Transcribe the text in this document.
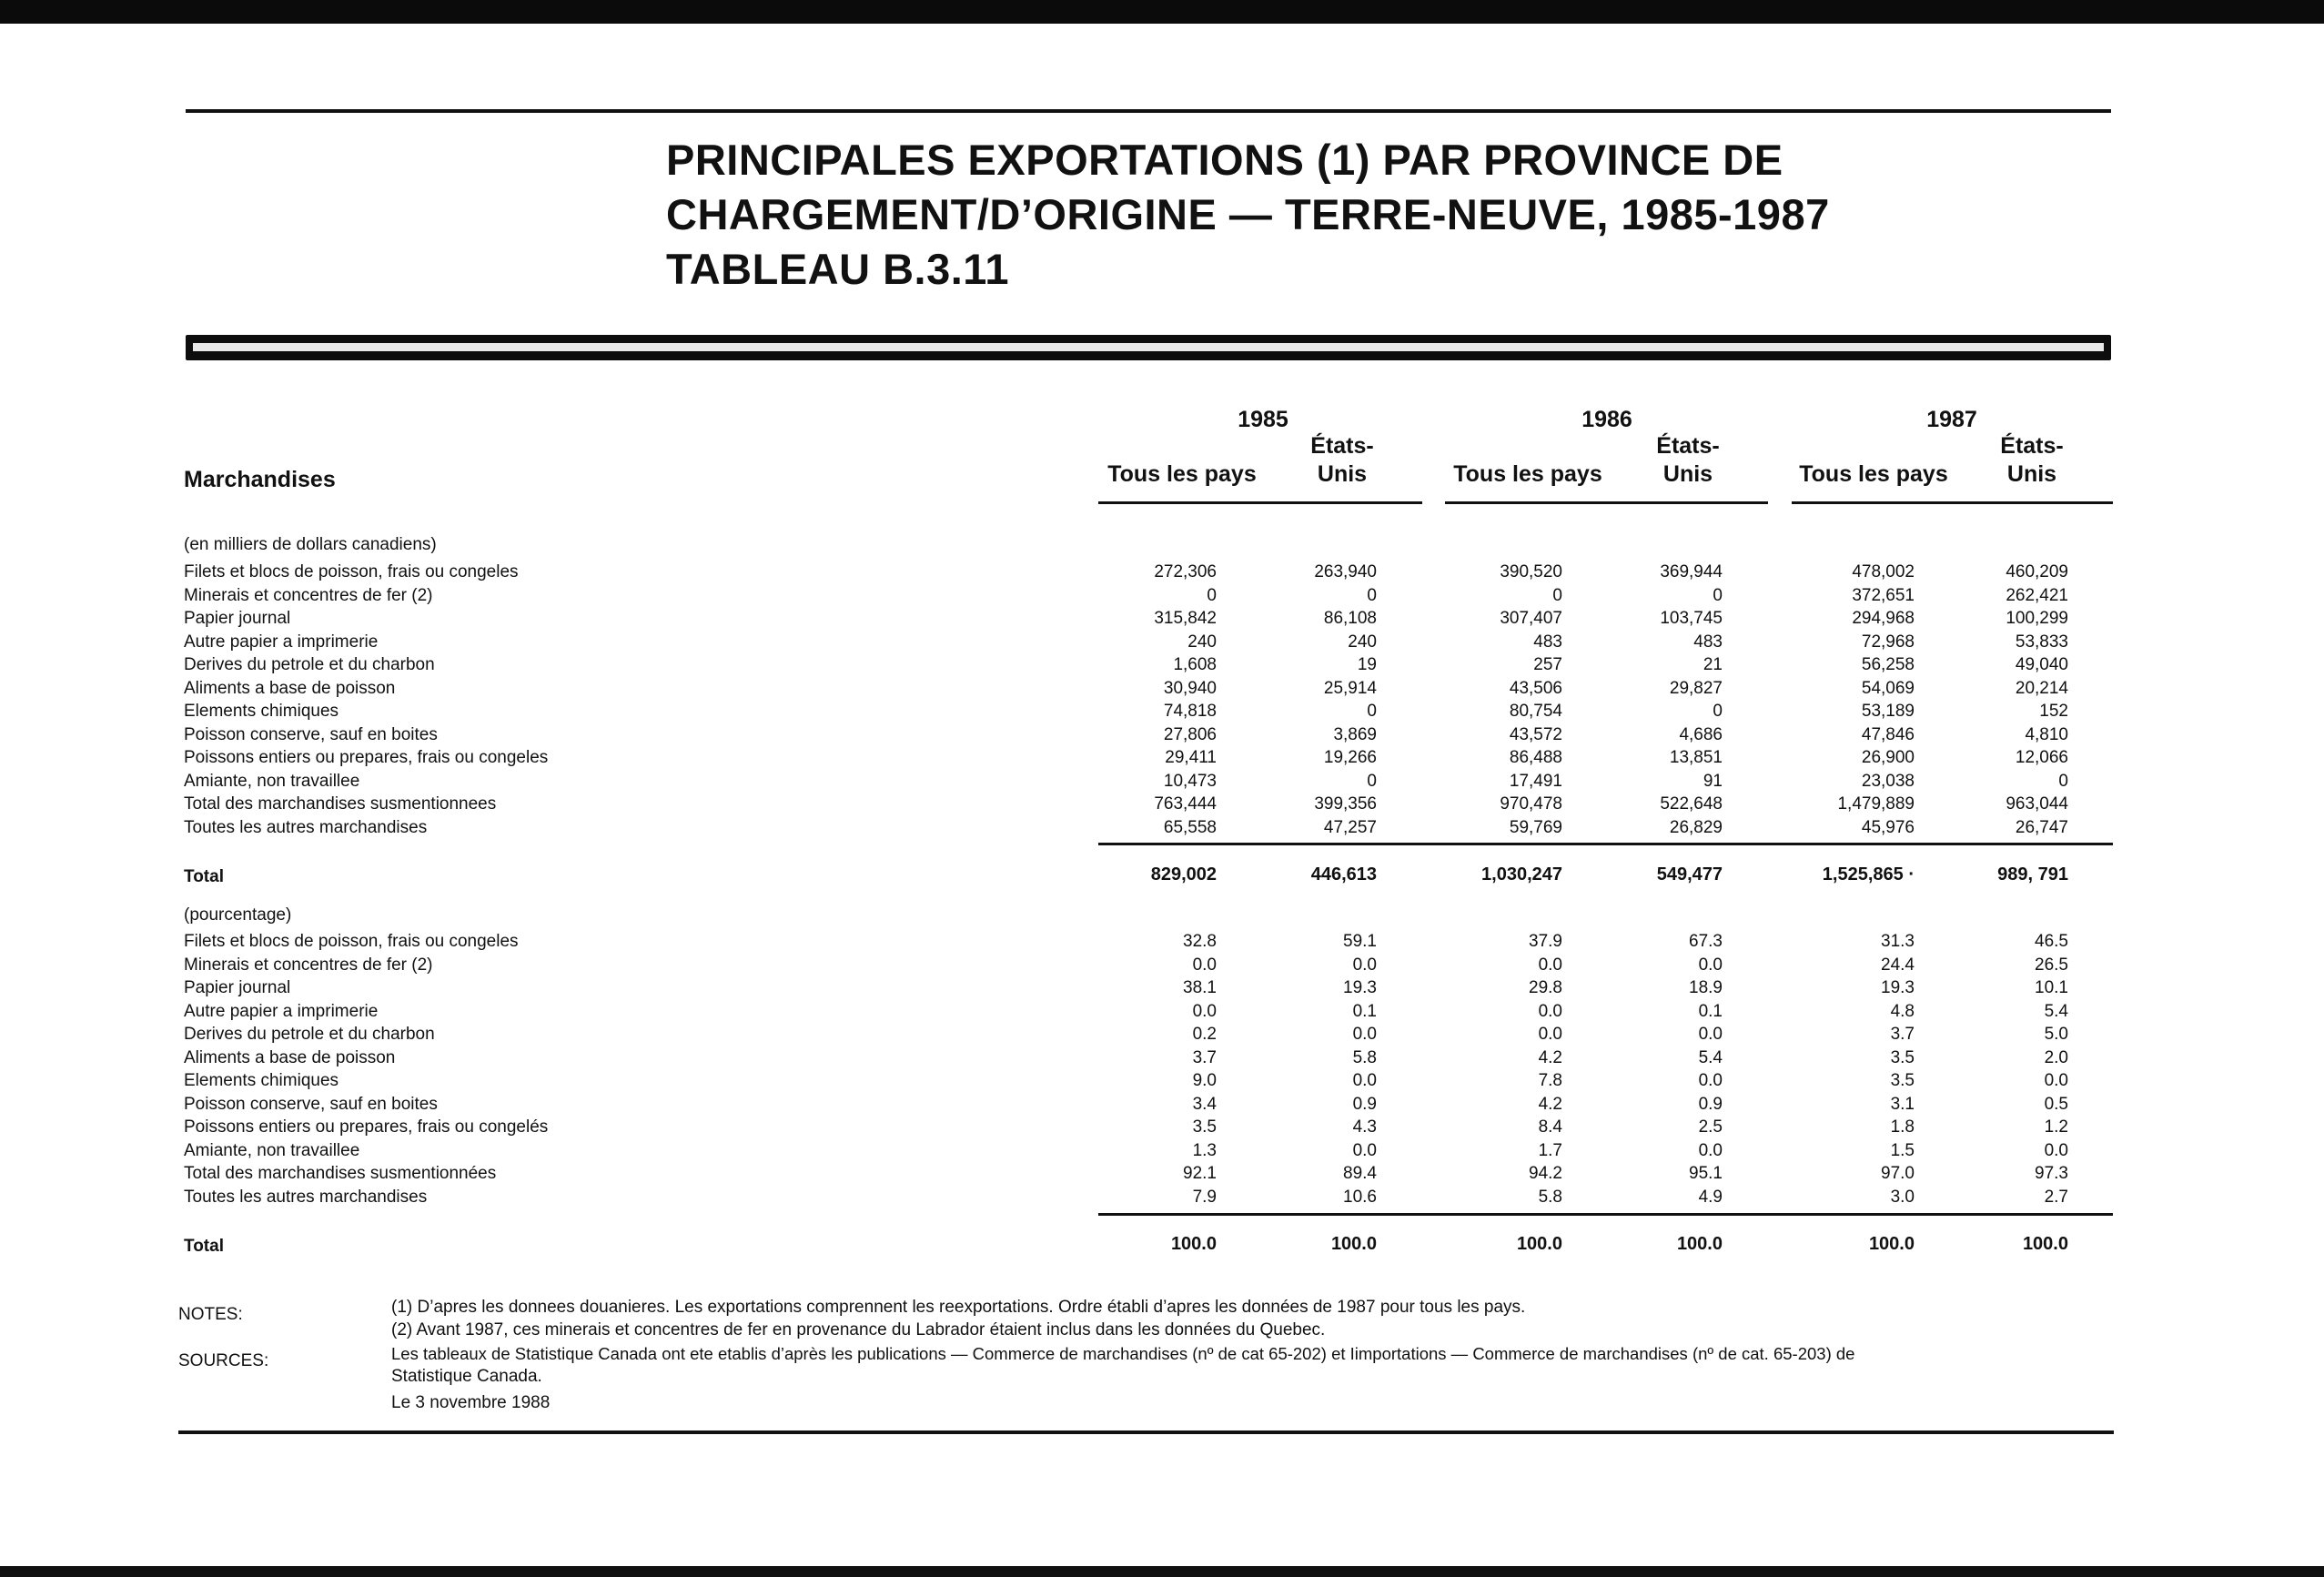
PRINCIPALES EXPORTATIONS (1) PAR PROVINCE DE
CHARGEMENT/D’ORIGINE — TERRE-NEUVE, 1985-1987
TABLEAU B.3.11
Marchandises
1985	1986	1987
Tous les pays
États-
Unis	Tous les pays
États-
Unis	Tous les pays
États-
Unis
(en milliers de dollars canadiens)
Filets et blocs de poisson, frais ou congeles	272,306	263,940	390,520	369,944	478,002	460,209
Minerais et concentres de fer (2)	0	0	0	0	372,651	262,421
Papier journal	315,842	86,108	307,407	103,745	294,968	100,299
Autre papier a imprimerie	240	240	483	483	72,968	53,833
Derives du petrole et du charbon	1,608	19	257	21	56,258	49,040
Aliments a base de poisson	30,940	25,914	43,506	29,827	54,069	20,214
Elements chimiques	74,818	0	80,754	0	53,189	152
Poisson conserve, sauf en boites	27,806	3,869	43,572	4,686	47,846	4,810
Poissons entiers ou prepares, frais ou congeles	29,411	19,266	86,488	13,851	26,900	12,066
Amiante, non travaillee	10,473	0	17,491	91	23,038	0
Total des marchandises susmentionnees	763,444	399,356	970,478	522,648	1,479,889	963,044
Toutes les autres marchandises	65,558	47,257	59,769	26,829	45,976	26,747
Total	829,002	446,613	1,030,247	549,477	1,525,865 ·	989, 791
(pourcentage)
Filets et blocs de poisson, frais ou congeles	32.8	59.1	37.9	67.3	31.3	46.5
Minerais et concentres de fer (2)	0.0	0.0	0.0	0.0	24.4	26.5
Papier journal	38.1	19.3	29.8	18.9	19.3	10.1
Autre papier a imprimerie	0.0	0.1	0.0	0.1	4.8	5.4
Derives du petrole et du charbon	0.2	0.0	0.0	0.0	3.7	5.0
Aliments a base de poisson	3.7	5.8	4.2	5.4	3.5	2.0
Elements chimiques	9.0	0.0	7.8	0.0	3.5	0.0
Poisson conserve, sauf en boites	3.4	0.9	4.2	0.9	3.1	0.5
Poissons entiers ou prepares, frais ou congelés	3.5	4.3	8.4	2.5	1.8	1.2
Amiante, non travaillee	1.3	0.0	1.7	0.0	1.5	0.0
Total des marchandises susmentionnées	92.1	89.4	94.2	95.1	97.0	97.3
Toutes les autres marchandises	7.9	10.6	5.8	4.9	3.0	2.7
Total	100.0	100.0	100.0	100.0	100.0	100.0
NOTES:	(1) D’apres les donnees douanieres. Les exportations comprennent les reexportations. Ordre établi d’apres les données de 1987 pour tous les pays.
(2) Avant 1987, ces minerais et concentres de fer en provenance du Labrador étaient inclus dans les données du Quebec.
SOURCES:	Les tableaux de Statistique Canada ont ete etablis d’après les publications — Commerce de marchandises (nº de cat 65-202) et Iimportations — Commerce de marchandises (nº de cat. 65-203) de
Statistique Canada.
Le 3 novembre 1988
